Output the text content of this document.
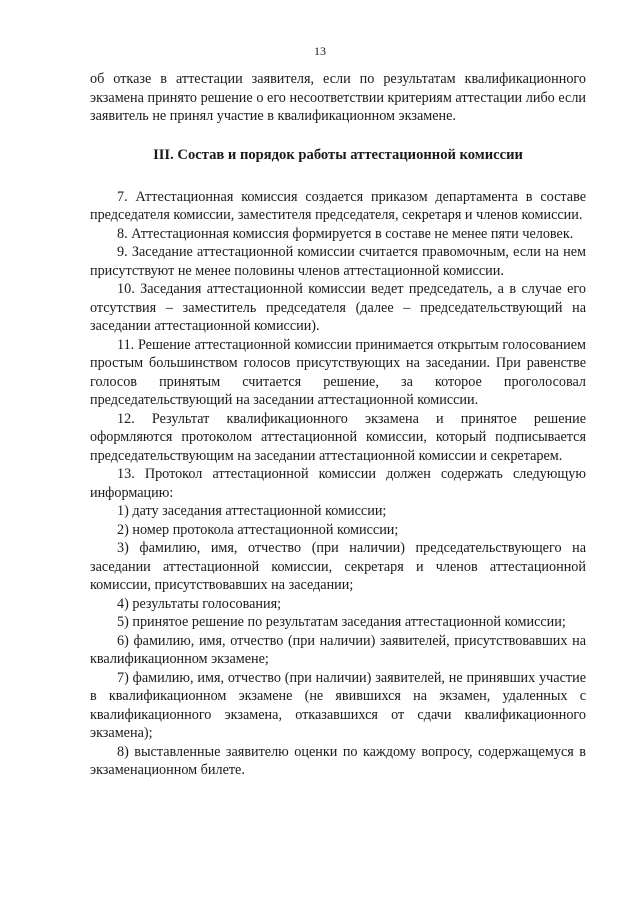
13

об отказе в аттестации заявителя, если по результатам квалификационного экзамена принято решение о его несоответствии критериям аттестации либо если заявитель не принял участие в квалификационном экзамене.

III. Состав и порядок работы аттестационной комиссии

7. Аттестационная комиссия создается приказом департамента в составе председателя комиссии, заместителя председателя, секретаря и членов комиссии.

8. Аттестационная комиссия формируется в составе не менее пяти человек.

9. Заседание аттестационной комиссии считается правомочным, если на нем присутствуют не менее половины членов аттестационной комиссии.

10. Заседания аттестационной комиссии ведет председатель, а в случае его отсутствия – заместитель председателя (далее – председательствующий на заседании аттестационной комиссии).

11. Решение аттестационной комиссии принимается открытым голосованием простым большинством голосов присутствующих на заседании. При равенстве голосов принятым считается решение, за которое проголосовал председательствующий на заседании аттестационной комиссии.

12. Результат квалификационного экзамена и принятое решение оформляются протоколом аттестационной комиссии, который подписывается председательствующим на заседании аттестационной комиссии и секретарем.

13. Протокол аттестационной комиссии должен содержать следующую информацию:

1) дату заседания аттестационной комиссии;

2) номер протокола аттестационной комиссии;

3) фамилию, имя, отчество (при наличии) председательствующего на заседании аттестационной комиссии, секретаря и членов аттестационной комиссии, присутствовавших на заседании;

4) результаты голосования;

5) принятое решение по результатам заседания аттестационной комиссии;

6) фамилию, имя, отчество (при наличии) заявителей, присутствовавших на квалификационном экзамене;

7) фамилию, имя, отчество (при наличии) заявителей, не принявших участие в квалификационном экзамене (не явившихся на экзамен, удаленных с квалификационного экзамена, отказавшихся от сдачи квалификационного экзамена);

8) выставленные заявителю оценки по каждому вопросу, содержащемуся в экзаменационном билете.
